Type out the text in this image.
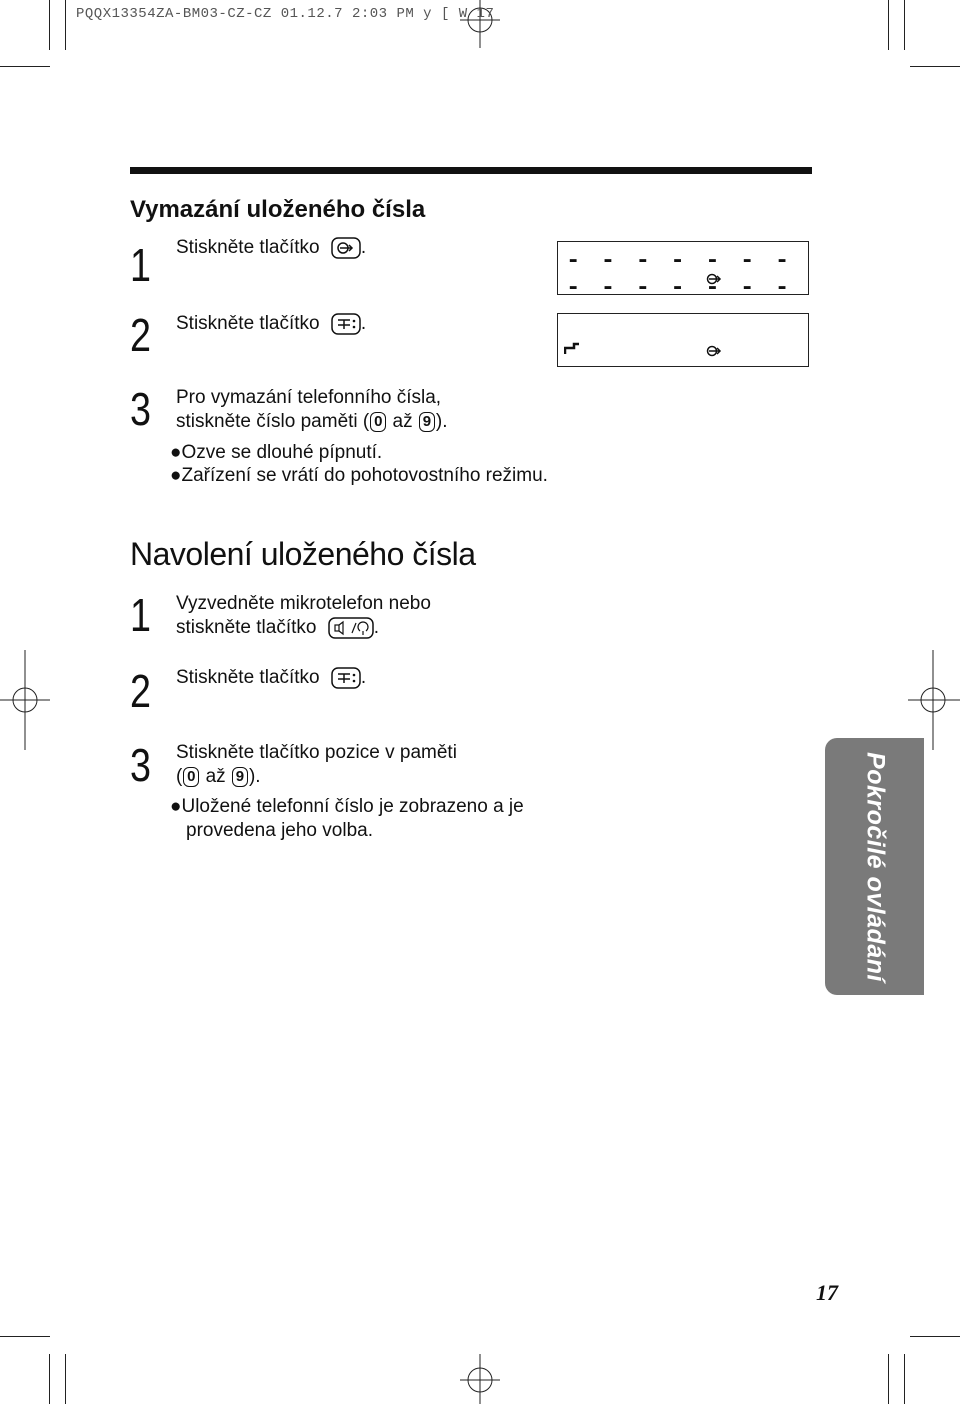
PQQX13354ZA-BM03-CZ-CZ 01.12.7 2:03 PM y [ W 17
Vymazání uloženého čísla
1 Stiskněte tlačítko .
2 Stiskněte tlačítko .
3 Pro vymazání telefonního čísla,
stiskněte číslo paměti ( 0 až 9 ).
●Ozve se dlouhé pípnutí.
●Zařízení se vrátí do pohotovostního režimu.
- - - - - - - - - - - - - -
Navolení uloženého čísla
1 Vyzvedněte mikrotelefon nebo
stiskněte tlačítko	.
2 Stiskněte tlačítko .
3 Stiskněte tlačítko pozice v paměti
( 0 až 9 ).
●Uložené telefonní číslo je zobrazeno a je
provedena jeho volba.	Pokročilé ovládání
17
